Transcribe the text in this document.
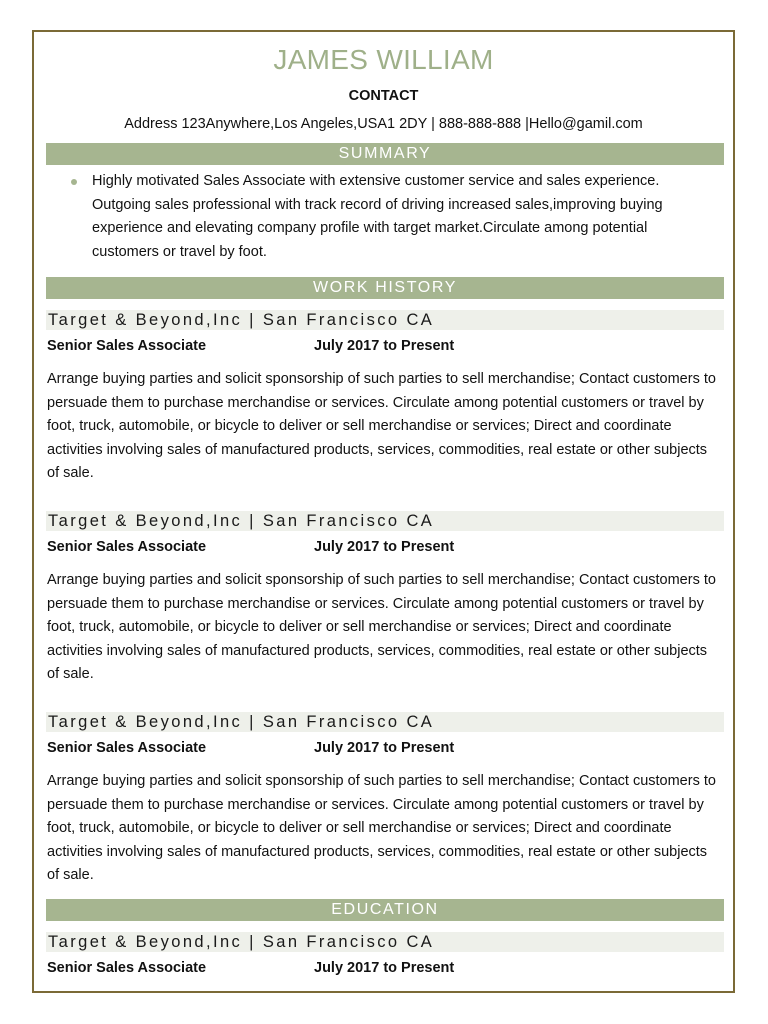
JAMES WILLIAM
CONTACT
Address 123Anywhere,Los Angeles,USA1 2DY | 888-888-888 |Hello@gamil.com
SUMMARY
Highly motivated Sales Associate with extensive customer service and sales experience. Outgoing sales professional with track record of driving increased sales,improving buying experience and elevating company profile with target market.Circulate among potential customers or travel by foot.
WORK HISTORY
Target & Beyond,Inc | San Francisco CA
Senior Sales Associate	July 2017 to Present
Arrange buying parties and solicit sponsorship of such parties to sell merchandise; Contact customers to persuade them to purchase merchandise or services. Circulate among potential customers or travel by foot, truck, automobile, or bicycle to deliver or sell merchandise or services; Direct and coordinate activities involving sales of manufactured products, services, commodities, real estate or other subjects of sale.
Target & Beyond,Inc | San Francisco CA
Senior Sales Associate	July 2017 to Present
Arrange buying parties and solicit sponsorship of such parties to sell merchandise; Contact customers to persuade them to purchase merchandise or services. Circulate among potential customers or travel by foot, truck, automobile, or bicycle to deliver or sell merchandise or services; Direct and coordinate activities involving sales of manufactured products, services, commodities, real estate or other subjects of sale.
Target & Beyond,Inc | San Francisco CA
Senior Sales Associate	July 2017 to Present
Arrange buying parties and solicit sponsorship of such parties to sell merchandise; Contact customers to persuade them to purchase merchandise or services. Circulate among potential customers or travel by foot, truck, automobile, or bicycle to deliver or sell merchandise or services; Direct and coordinate activities involving sales of manufactured products, services, commodities, real estate or other subjects of sale.
EDUCATION
Target & Beyond,Inc | San Francisco CA
Senior Sales Associate	July 2017 to Present
